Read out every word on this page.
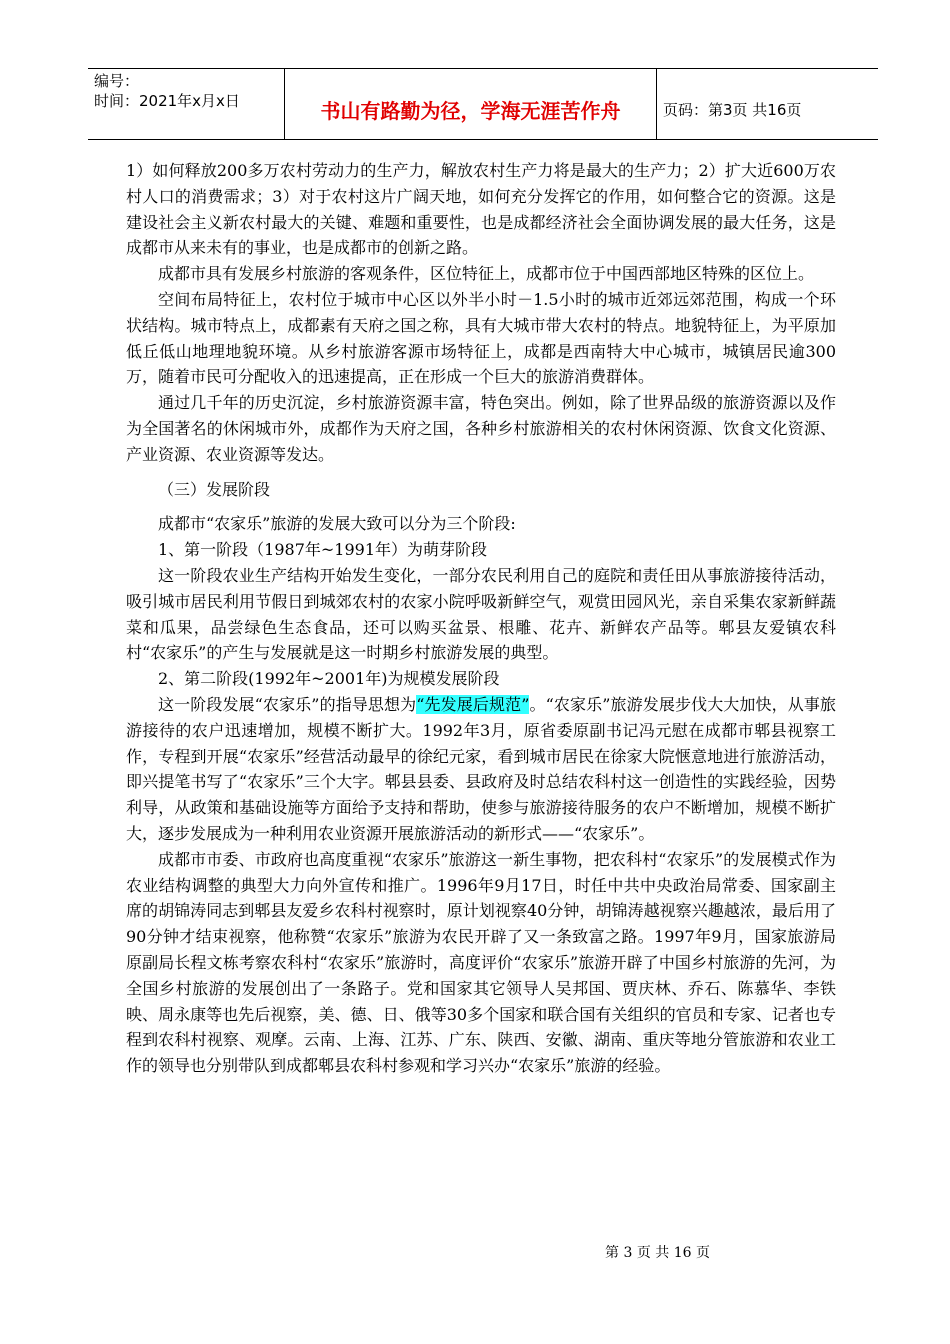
编号：
时间：2021年x月x日	书山有路勤为径，学海无涯苦作舟	页码：第3页 共16页

1）如何释放200多万农村劳动力的生产力，解放农村生产力将是最大的生产力；2）扩大近600万农村人口的消费需求；3）对于农村这片广阔天地，如何充分发挥它的作用，如何整合它的资源。这是建设社会主义新农村最大的关键、难题和重要性，也是成都经济社会全面协调发展的最大任务，这是成都市从来未有的事业，也是成都市的创新之路。

成都市具有发展乡村旅游的客观条件，区位特征上，成都市位于中国西部地区特殊的区位上。

空间布局特征上，农村位于城市中心区以外半小时－1.5小时的城市近郊远郊范围，构成一个环状结构。城市特点上，成都素有天府之国之称，具有大城市带大农村的特点。地貌特征上，为平原加低丘低山地理地貌环境。从乡村旅游客源市场特征上，成都是西南特大中心城市，城镇居民逾300万，随着市民可分配收入的迅速提高，正在形成一个巨大的旅游消费群体。

通过几千年的历史沉淀，乡村旅游资源丰富，特色突出。例如，除了世界品级的旅游资源以及作为全国著名的休闲城市外，成都作为天府之国，各种乡村旅游相关的农村休闲资源、饮食文化资源、产业资源、农业资源等发达。

（三）发展阶段

成都市“农家乐”旅游的发展大致可以分为三个阶段:

1、第一阶段（1987年~1991年）为萌芽阶段

这一阶段农业生产结构开始发生变化，一部分农民利用自己的庭院和责任田从事旅游接待活动，吸引城市居民利用节假日到城郊农村的农家小院呼吸新鲜空气，观赏田园风光，亲自采集农家新鲜蔬菜和瓜果，品尝绿色生态食品，还可以购买盆景、根雕、花卉、新鲜农产品等。郫县友爱镇农科村“农家乐”的产生与发展就是这一时期乡村旅游发展的典型。

2、第二阶段(1992年~2001年)为规模发展阶段

这一阶段发展“农家乐”的指导思想为“先发展后规范”。“农家乐”旅游发展步伐大大加快，从事旅游接待的农户迅速增加，规模不断扩大。1992年3月，原省委原副书记冯元慰在成都市郫县视察工作，专程到开展“农家乐”经营活动最早的徐纪元家，看到城市居民在徐家大院惬意地进行旅游活动，即兴提笔书写了“农家乐”三个大字。郫县县委、县政府及时总结农科村这一创造性的实践经验，因势利导，从政策和基础设施等方面给予支持和帮助，使参与旅游接待服务的农户不断增加，规模不断扩大，逐步发展成为一种利用农业资源开展旅游活动的新形式——“农家乐”。

成都市市委、市政府也高度重视“农家乐”旅游这一新生事物，把农科村“农家乐”的发展模式作为农业结构调整的典型大力向外宣传和推广。1996年9月17日，时任中共中央政治局常委、国家副主席的胡锦涛同志到郫县友爱乡农科村视察时，原计划视察40分钟，胡锦涛越视察兴趣越浓，最后用了90分钟才结束视察，他称赞“农家乐”旅游为农民开辟了又一条致富之路。1997年9月，国家旅游局原副局长程文栋考察农科村“农家乐”旅游时，高度评价“农家乐”旅游开辟了中国乡村旅游的先河，为全国乡村旅游的发展创出了一条路子。党和国家其它领导人吴邦国、贾庆林、乔石、陈慕华、李铁映、周永康等也先后视察，美、德、日、俄等30多个国家和联合国有关组织的官员和专家、记者也专程到农科村视察、观摩。云南、上海、江苏、广东、陕西、安徽、湖南、重庆等地分管旅游和农业工作的领导也分别带队到成都郫县农科村参观和学习兴办“农家乐”旅游的经验。

第 3 页 共 16 页
